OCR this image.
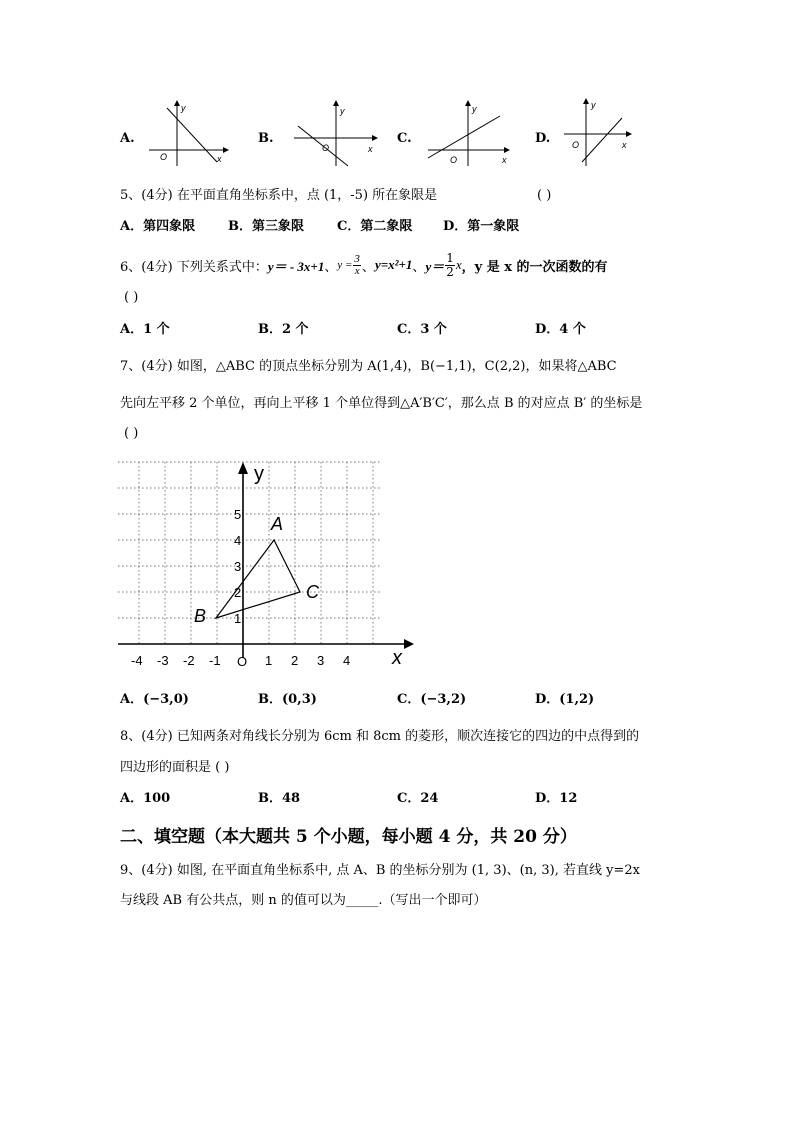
A.
y
x
O
B.
y
x
O
C.
y
x
O
D.
y
x
O
5、(4分) 在平面直角坐标系中，点 (1，-5) 所在象限是	( )
A．第四象限	B．第三象限	C．第二象限 D．第一象限
6、(4分) 下列关系式中： y＝ - 3x+1 、 $y = \frac{3}{x}$ 、 y=x²+1 、 $y= \frac{1}{2}$ x ，y 是 x 的一次函数的有
( )
A．1 个	B．2 个	C．3 个	D．4 个
7、(4分) 如图，△ABC 的顶点坐标分别为 A(1,4)，B(−1,1)，C(2,2)，如果将△ABC
先向左平移 2 个单位，再向上平移 1 个单位得到△A′B′C′，那么点 B 的对应点 B′ 的坐标是
( )
y
x
O
-4 -3 -2 -1	1 2 3 4
1
2
3
4
5 A
B
C
A．(−3,0)	B．(0,3)	C．(−3,2)	D．(1,2)
8、(4分) 已知两条对角线长分别为 6cm 和 8cm 的菱形，顺次连接它的四边的中点得到的
四边形的面积是 ( )
A．100	B．48	C．24	D．12
二、填空题（本大题共 5 个小题，每小题 4 分，共 20 分）
9、(4分) 如图, 在平面直角坐标系中, 点 A、B 的坐标分别为 (1, 3)、(n, 3), 若直线 y=2x
与线段 AB 有公共点，则 n 的值可以为_____.（写出一个即可）
